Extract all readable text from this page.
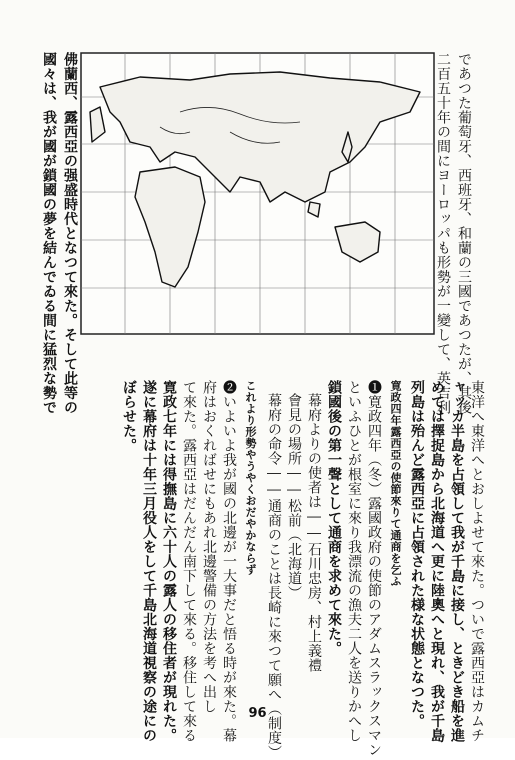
であつた葡萄牙、西班牙、和蘭の三國であつたが、其後
二百五十年の間にヨーロッパも形勢が一變して、英吉利
佛蘭西、露西亞の强盛時代となつて來た。そして此等の
國々は、我が國が鎖國の夢を結んでゐる間に猛烈な勢で
東洋へ東洋へとおしよせて來た。ついで露西亞はカムチ
ャッカ半島を占領して我が千島に接し、ときどき船を進
めては擇捉島から北海道へ更に陸奧へと現れ、我が千島
列島は殆んど露西亞に占領された様な状態となつた。
寛政四年露西亞の使節來りて通商を乞ふ
❶寛政四年（冬）露國政府の使節のアダムスラックスマン
といふひとが根室に來り我漂流の漁夫二人を送りかへし
鎖國後の第一聲として通商を求めて來た。
幕府よりの使者は――石川忠房、村上義禮
會見の場所――松前（北海道）
幕府の命令――通商のことは長崎に來つて願へ（制度）
これより形勢やうやくおだやかならず
❷いよいよ我が國の北邊が一大事だと悟る時が來た。幕
府はおくればせにもあれ北邊警備の方法を考へ出し
て來た。露西亞はだんだん南下して來る。移住して來る
寛政七年には得撫島に六十人の露人の移住者が現れた。
遂に幕府は十年三月役人をして千島北海道視察の途にの
ぼらせた。
96
